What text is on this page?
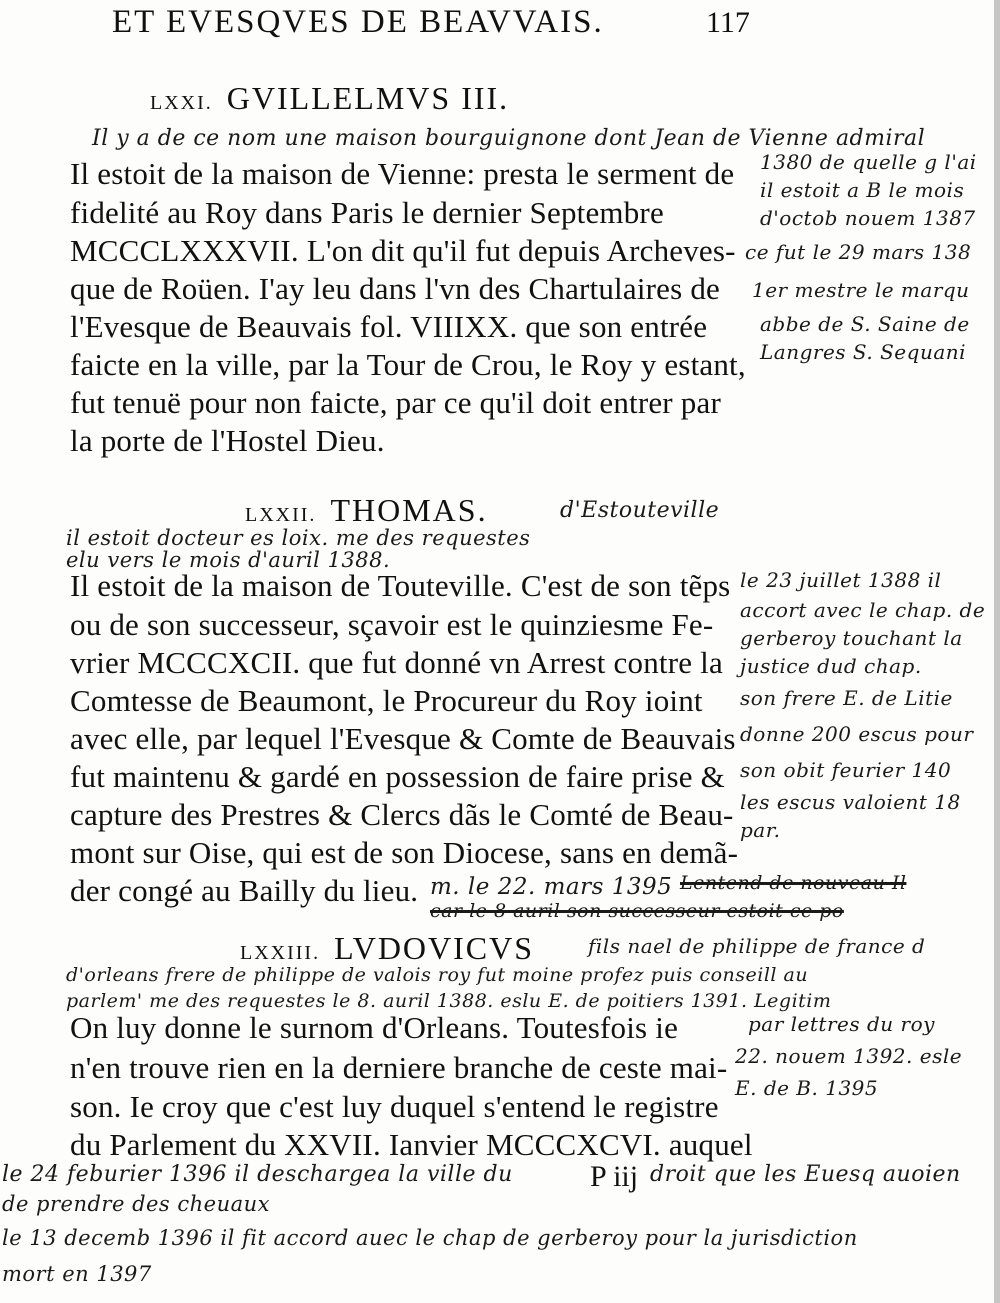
ET EVESQVES DE BEAVVAIS.	117
LXXI. GVILLELMVS III.
Il y a de ce nom une maison bourguignone dont Jean de Vienne admiral
Il estoit de la maison de Vienne: presta le serment de
fidelité au Roy dans Paris le dernier Septembre
MCCCLXXXVII. L'on dit qu'il fut depuis Archeves-
que de Roüen. I'ay leu dans l'vn des Chartulaires de
l'Evesque de Beauvais fol. VIIIXX. que son entrée
faicte en la ville, par la Tour de Crou, le Roy y estant,
fut tenuë pour non faicte, par ce qu'il doit entrer par
la porte de l'Hostel Dieu.
1380 de quelle g l'ai
il estoit a B le mois
d'octob nouem 1387
ce fut le 29 mars 138
1er mestre le marqu
abbe de S. Saine de
Langres S. Sequani
LXXII. THOMAS.	d'Estouteville
il estoit docteur es loix. me des requestes
elu vers le mois d'auril 1388.
Il estoit de la maison de Touteville. C'est de son tẽps
ou de son successeur, sçavoir est le quinziesme Fe-
vrier MCCCXCII. que fut donné vn Arrest contre la
Comtesse de Beaumont, le Procureur du Roy ioint
avec elle, par lequel l'Evesque & Comte de Beauvais
fut maintenu & gardé en possession de faire prise &
capture des Prestres & Clercs dãs le Comté de Beau-
mont sur Oise, qui est de son Diocese, sans en demã-
der congé au Bailly du lieu. m. le 22. mars 1395 Lentend de nouveau Il
car le 8 auril son successeur estoit ce po
le 23 juillet 1388 il
accort avec le chap. de
gerberoy touchant la
justice dud chap.
son frere E. de Litie
donne 200 escus pour
son obit feurier 140
les escus valoient 18
par.
LXXIII. LVDOVICVS	fils nael de philippe de france d
d'orleans frere de philippe de valois roy fut moine profez puis conseill au
parlem' me des requestes le 8. auril 1388. eslu E. de poitiers 1391. Legitim
On luy donne le surnom d'Orleans. Toutesfois ie
n'en trouve rien en la derniere branche de ceste mai-
son. Ie croy que c'est luy duquel s'entend le registre
du Parlement du XXVII. Ianvier MCCCXCVI. auquel
par lettres du roy
22. nouem 1392. esle
E. de B. 1395
le 24 feburier 1396 il deschargea la ville du	P iij droit que les Euesq auoien
de prendre des cheuaux
le 13 decemb 1396 il fit accord auec le chap de gerberoy pour la jurisdiction
mort en 1397
